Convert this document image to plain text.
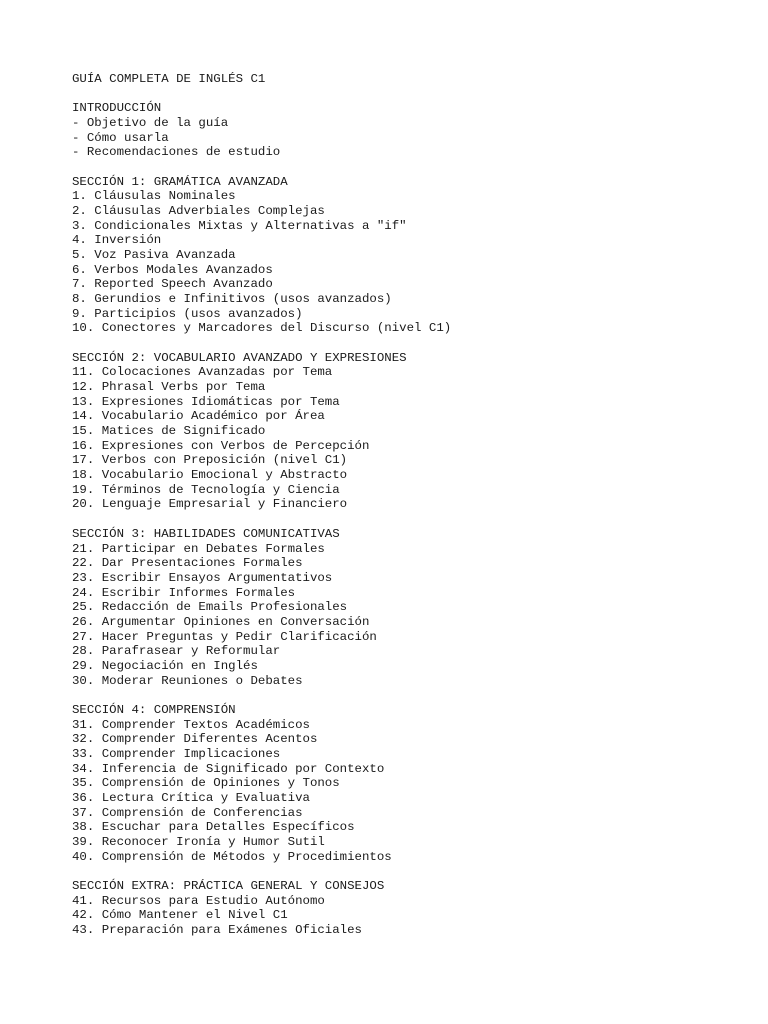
GUÍA COMPLETA DE INGLÉS C1
INTRODUCCIÓN
- Objetivo de la guía
- Cómo usarla
- Recomendaciones de estudio
SECCIÓN 1: GRAMÁTICA AVANZADA
1. Cláusulas Nominales
2. Cláusulas Adverbiales Complejas
3. Condicionales Mixtas y Alternativas a "if"
4. Inversión
5. Voz Pasiva Avanzada
6. Verbos Modales Avanzados
7. Reported Speech Avanzado
8. Gerundios e Infinitivos (usos avanzados)
9. Participios (usos avanzados)
10. Conectores y Marcadores del Discurso (nivel C1)
SECCIÓN 2: VOCABULARIO AVANZADO Y EXPRESIONES
11. Colocaciones Avanzadas por Tema
12. Phrasal Verbs por Tema
13. Expresiones Idiomáticas por Tema
14. Vocabulario Académico por Área
15. Matices de Significado
16. Expresiones con Verbos de Percepción
17. Verbos con Preposición (nivel C1)
18. Vocabulario Emocional y Abstracto
19. Términos de Tecnología y Ciencia
20. Lenguaje Empresarial y Financiero
SECCIÓN 3: HABILIDADES COMUNICATIVAS
21. Participar en Debates Formales
22. Dar Presentaciones Formales
23. Escribir Ensayos Argumentativos
24. Escribir Informes Formales
25. Redacción de Emails Profesionales
26. Argumentar Opiniones en Conversación
27. Hacer Preguntas y Pedir Clarificación
28. Parafrasear y Reformular
29. Negociación en Inglés
30. Moderar Reuniones o Debates
SECCIÓN 4: COMPRENSIÓN
31. Comprender Textos Académicos
32. Comprender Diferentes Acentos
33. Comprender Implicaciones
34. Inferencia de Significado por Contexto
35. Comprensión de Opiniones y Tonos
36. Lectura Crítica y Evaluativa
37. Comprensión de Conferencias
38. Escuchar para Detalles Específicos
39. Reconocer Ironía y Humor Sutil
40. Comprensión de Métodos y Procedimientos
SECCIÓN EXTRA: PRÁCTICA GENERAL Y CONSEJOS
41. Recursos para Estudio Autónomo
42. Cómo Mantener el Nivel C1
43. Preparación para Exámenes Oficiales
